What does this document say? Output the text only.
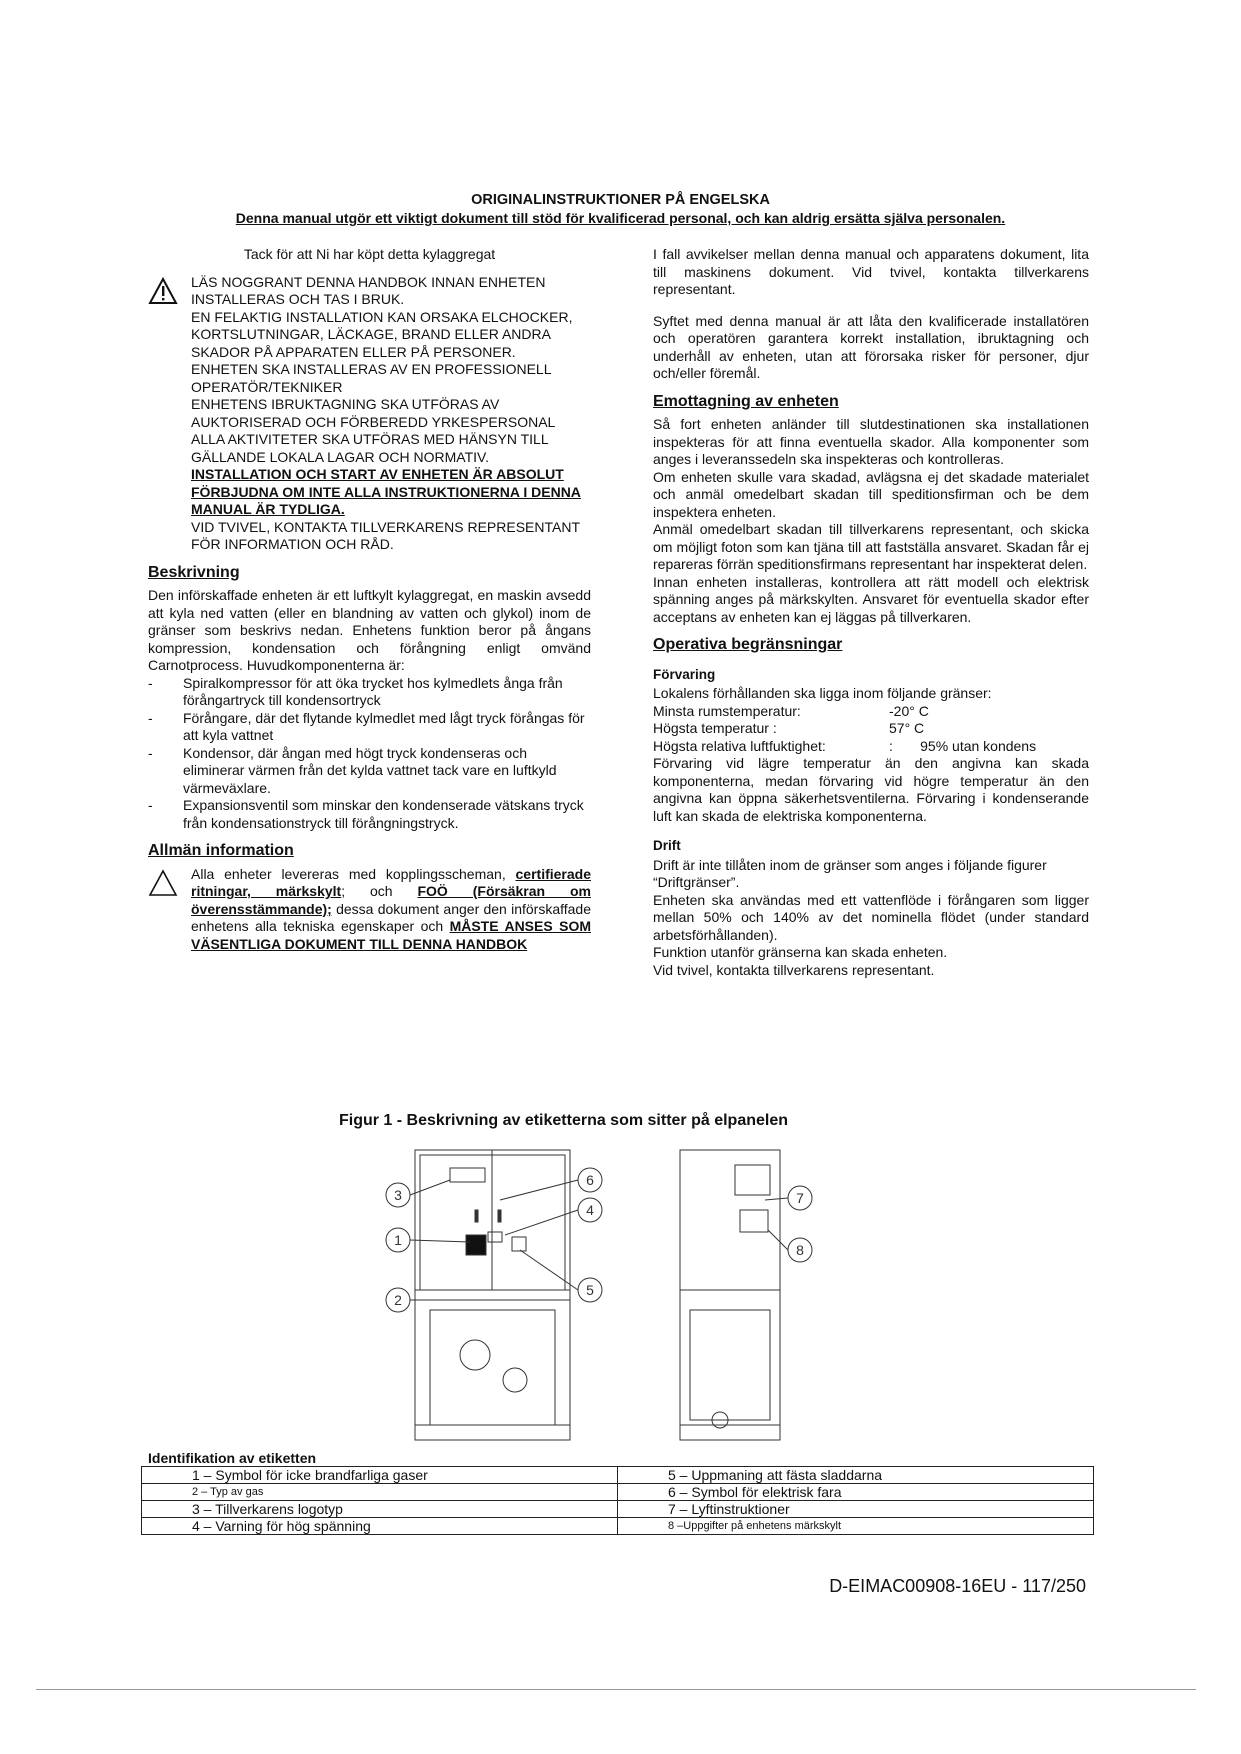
ORIGINALINSTRUKTIONER PÅ ENGELSKA
Denna manual utgör ett viktigt dokument till stöd för kvalificerad personal, och kan aldrig ersätta själva personalen.
Tack för att Ni har köpt detta kylaggregat

LÄS NOGGRANT DENNA HANDBOK INNAN ENHETEN INSTALLERAS OCH TAS I BRUK.

EN FELAKTIG INSTALLATION KAN ORSAKA ELCHOCKER, KORTSLUTNINGAR, LÄCKAGE, BRAND ELLER ANDRA SKADOR PÅ APPARATEN ELLER PÅ PERSONER.

ENHETEN SKA INSTALLERAS AV EN PROFESSIONELL OPERATÖR/TEKNIKER

ENHETENS IBRUKTAGNING SKA UTFÖRAS AV AUKTORISERAD OCH FÖRBEREDD YRKESPERSONAL

ALLA AKTIVITETER SKA UTFÖRAS MED HÄNSYN TILL GÄLLANDE LOKALA LAGAR OCH NORMATIV.

INSTALLATION OCH START AV ENHETEN ÄR ABSOLUT FÖRBJUDNA OM INTE ALLA INSTRUKTIONERNA I DENNA MANUAL ÄR TYDLIGA.

VID TVIVEL, KONTAKTA TILLVERKARENS REPRESENTANT FÖR INFORMATION OCH RÅD.

Beskrivning

Den införskaffade enheten är ett luftkylt kylaggregat, en maskin avsedd att kyla ned vatten (eller en blandning av vatten och glykol) inom de gränser som beskrivs nedan. Enhetens funktion beror på ångans kompression, kondensation och förångning enligt omvänd Carnotprocess. Huvudkomponenterna är:

- Spiralkompressor för att öka trycket hos kylmedlets ånga från förångartryck till kondensortryck
- Förångare, där det flytande kylmedlet med lågt tryck förångas för att kyla vattnet
- Kondensor, där ångan med högt tryck kondenseras och eliminerar värmen från det kylda vattnet tack vare en luftkyld värmeväxlare.
- Expansionsventil som minskar den kondenserade vätskans tryck från kondensationstryck till förångningstryck.
Allmän information

Alla enheter levereras med kopplingsscheman, certifierade ritningar, märkskylt; och FOÖ (Försäkran om överensstämmande); dessa dokument anger den införskaffade enhetens alla tekniska egenskaper och MÅSTE ANSES SOM VÄSENTLIGA DOKUMENT TILL DENNA HANDBOK

I fall avvikelser mellan denna manual och apparatens dokument, lita till maskinens dokument. Vid tvivel, kontakta tillverkarens representant.

Syftet med denna manual är att låta den kvalificerade installatören och operatören garantera korrekt installation, ibruktagning och underhåll av enheten, utan att förorsaka risker för personer, djur och/eller föremål.

Emottagning av enheten

Så fort enheten anländer till slutdestinationen ska installationen inspekteras för att finna eventuella skador. Alla komponenter som anges i leveranssedeln ska inspekteras och kontrolleras.

Om enheten skulle vara skadad, avlägsna ej det skadade materialet och anmäl omedelbart skadan till speditionsfirman och be dem inspektera enheten.

Anmäl omedelbart skadan till tillverkarens representant, och skicka om möjligt foton som kan tjäna till att fastställa ansvaret. Skadan får ej repareras förrän speditionsfirmans representant har inspekterat delen.

Innan enheten installeras, kontrollera att rätt modell och elektrisk spänning anges på märkskylten. Ansvaret för eventuella skador efter acceptans av enheten kan ej läggas på tillverkaren.

Operativa begränsningar
Förvaring

Lokalens förhållanden ska ligga inom följande gränser:

Minsta rumstemperatur:	-20° C
Högsta temperatur :	57° C
Högsta relativa luftfuktighet:	:       95% utan kondens

Förvaring vid lägre temperatur än den angivna kan skada komponenterna, medan förvaring vid högre temperatur än den angivna kan öppna säkerhetsventilerna. Förvaring i kondenserande luft kan skada de elektriska komponenterna.

Drift

Drift är inte tillåten inom de gränser som anges i följande figurer “Driftgränser”.

Enheten ska användas med ett vattenflöde i förångaren som ligger mellan 50% och 140% av det nominella flödet (under standard arbetsförhållanden).

Funktion utanför gränserna kan skada enheten.

Vid tvivel, kontakta tillverkarens representant.

Figur 1 - Beskrivning av etiketterna som sitter på elpanelen
3
1
2
6
4
5
7
8
Identifikation av etiketten
1 – Symbol för icke brandfarliga gaser	5 – Uppmaning att fästa sladdarna
2 – Typ av gas	6 – Symbol för elektrisk fara
3 – Tillverkarens logotyp	7 – Lyftinstruktioner
4 – Varning för hög spänning	8 –Uppgifter på enhetens märkskylt
D-EIMAC00908-16EU - 117/250
